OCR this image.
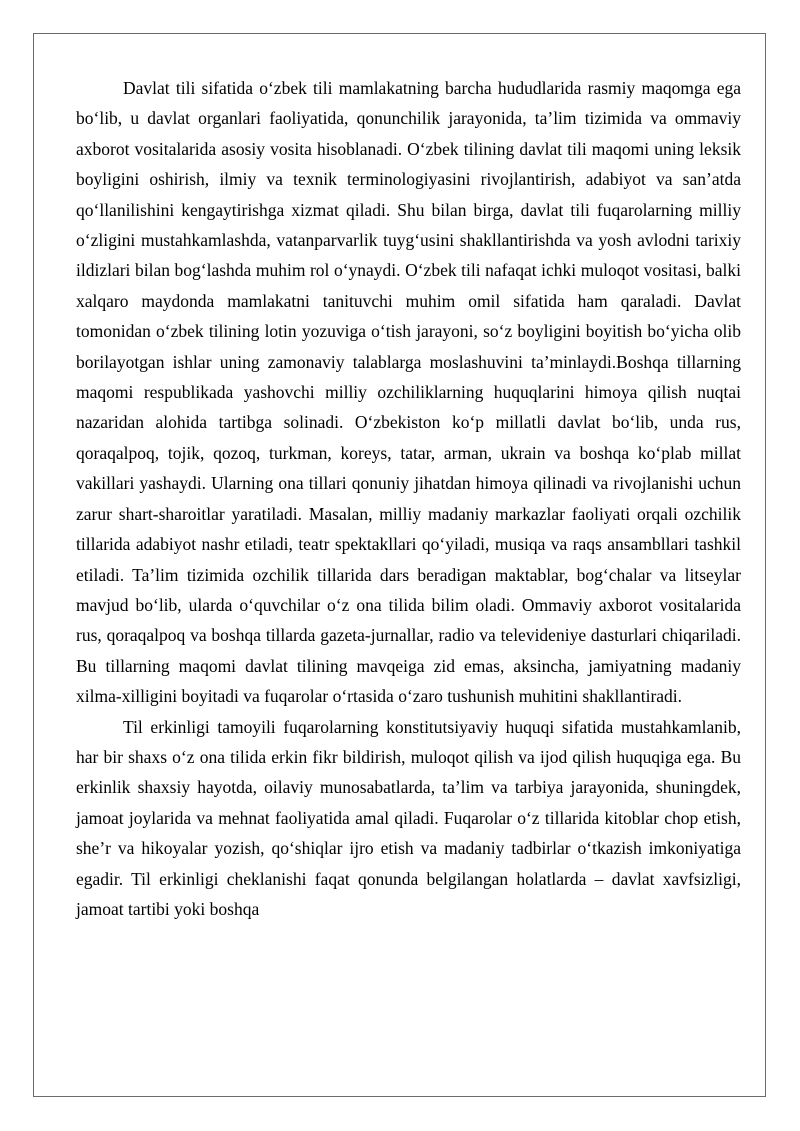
Davlat tili sifatida o‘zbek tili mamlakatning barcha hududlarida rasmiy maqomga ega bo‘lib, u davlat organlari faoliyatida, qonunchilik jarayonida, ta’lim tizimida va ommaviy axborot vositalarida asosiy vosita hisoblanadi. O‘zbek tilining davlat tili maqomi uning leksik boyligini oshirish, ilmiy va texnik terminologiyasini rivojlantirish, adabiyot va san’atda qo‘llanilishini kengaytirishga xizmat qiladi. Shu bilan birga, davlat tili fuqarolarning milliy o‘zligini mustahkamlashda, vatanparvarlik tuyg‘usini shakllantirishda va yosh avlodni tarixiy ildizlari bilan bog‘lashda muhim rol o‘ynaydi. O‘zbek tili nafaqat ichki muloqot vositasi, balki xalqaro maydonda mamlakatni tanituvchi muhim omil sifatida ham qaraladi. Davlat tomonidan o‘zbek tilining lotin yozuviga o‘tish jarayoni, so‘z boyligini boyitish bo‘yicha olib borilayotgan ishlar uning zamonaviy talablarga moslashuvini ta’minlaydi.Boshqa tillarning maqomi respublikada yashovchi milliy ozchiliklarning huquqlarini himoya qilish nuqtai nazaridan alohida tartibga solinadi. O‘zbekiston ko‘p millatli davlat bo‘lib, unda rus, qoraqalpoq, tojik, qozoq, turkman, koreys, tatar, arman, ukrain va boshqa ko‘plab millat vakillari yashaydi. Ularning ona tillari qonuniy jihatdan himoya qilinadi va rivojlanishi uchun zarur shart-sharoitlar yaratiladi. Masalan, milliy madaniy markazlar faoliyati orqali ozchilik tillarida adabiyot nashr etiladi, teatr spektakllari qo‘yiladi, musiqa va raqs ansambllari tashkil etiladi. Ta’lim tizimida ozchilik tillarida dars beradigan maktablar, bog‘chalar va litseylar mavjud bo‘lib, ularda o‘quvchilar o‘z ona tilida bilim oladi. Ommaviy axborot vositalarida rus, qoraqalpoq va boshqa tillarda gazeta-jurnallar, radio va televideniye dasturlari chiqariladi. Bu tillarning maqomi davlat tilining mavqeiga zid emas, aksincha, jamiyatning madaniy xilma-xilligini boyitadi va fuqarolar o‘rtasida o‘zaro tushunish muhitini shakllantiradi.

Til erkinligi tamoyili fuqarolarning konstitutsiyaviy huquqi sifatida mustahkamlanib, har bir shaxs o‘z ona tilida erkin fikr bildirish, muloqot qilish va ijod qilish huquqiga ega. Bu erkinlik shaxsiy hayotda, oilaviy munosabatlarda, ta’lim va tarbiya jarayonida, shuningdek, jamoat joylarida va mehnat faoliyatida amal qiladi. Fuqarolar o‘z tillarida kitoblar chop etish, she’r va hikoyalar yozish, qo‘shiqlar ijro etish va madaniy tadbirlar o‘tkazish imkoniyatiga egadir. Til erkinligi cheklanishi faqat qonunda belgilangan holatlarda – davlat xavfsizligi, jamoat tartibi yoki boshqa
